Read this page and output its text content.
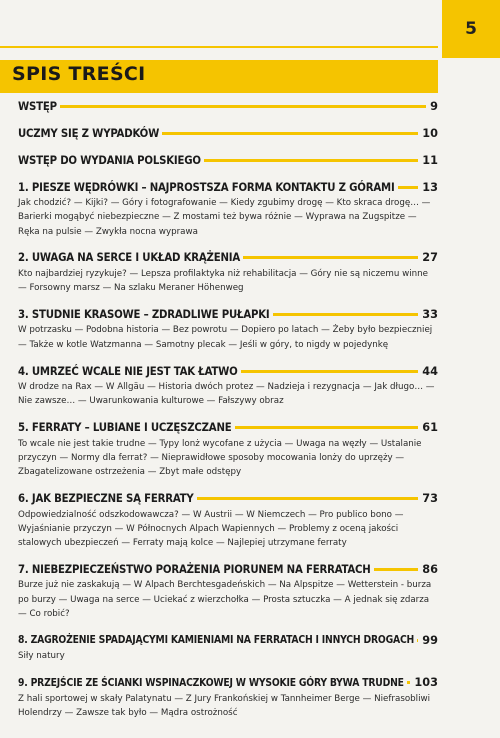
5
SPIS TREŚCI
WSTĘP	9
UCZMY SIĘ Z WYPADKÓW	10
WSTĘP DO WYDANIA POLSKIEGO	11
1. PIESZE WĘDRÓWKI – NAJPROSTSZA FORMA KONTAKTU Z GÓRAMI 13
Jak chodzić? — Kijki? — Góry i fotografowanie — Kiedy zgubimy drogę — Kto skraca drogę… — Barierki mogąbyć niebezpieczne — Z mostami też bywa różnie — Wyprawa na Zugspitze — Ręka na pulsie — Zwykła nocna wyprawa
2. UWAGA NA SERCE I UKŁAD KRĄŻENIA	27
Kto najbardziej ryzykuje? — Lepsza profilaktyka niż rehabilitacja — Góry nie są niczemu winne — Forsowny marsz — Na szlaku Meraner Höhenweg
3. STUDNIE KRASOWE – ZDRADLIWE PUŁAPKI	33
W potrzasku — Podobna historia — Bez powrotu — Dopiero po latach — Żeby było bezpieczniej — Także w kotle Watzmanna — Samotny plecak — Jeśli w góry, to nigdy w pojedynkę
4. UMRZEĆ WCALE NIE JEST TAK ŁATWO	44
W drodze na Rax — W Allgäu — Historia dwóch protez — Nadzieja i rezygnacja — Jak długo… — Nie zawsze… — Uwarunkowania kulturowe — Fałszywy obraz
5. FERRATY – LUBIANE I UCZĘSZCZANE	61
To wcale nie jest takie trudne — Typy lonż wycofane z użycia — Uwaga na węzły — Ustalanie przyczyn — Normy dla ferrat? — Nieprawidłowe sposoby mocowania lonży do uprzęży — Zbagatelizowane ostrzeżenia — Zbyt małe odstępy
6. JAK BEZPIECZNE SĄ FERRATY	73
Odpowiedzialność odszkodowawcza? — W Austrii — W Niemczech — Pro publico bono — Wyjaśnianie przyczyn — W Północnych Alpach Wapiennych — Problemy z oceną jakości stalowych ubezpieczeń — Ferraty mają kolce — Najlepiej utrzymane ferraty
7. NIEBEZPIECZEŃSTWO PORAŻENIA PIORUNEM NA FERRATACH	86
Burze już nie zaskakują — W Alpach Berchtesgadeńskich — Na Alpspitze — Wetterstein - burza po burzy — Uwaga na serce — Uciekać z wierzchołka — Prosta sztuczka — A jednak się zdarza — Co robić?
8. ZAGROŻENIE SPADAJĄCYMI KAMIENIAMI NA FERRATACH I INNYCH DROGACH 99
Siły natury
9. PRZEJŚCIE ZE ŚCIANKI WSPINACZKOWEJ W WYSOKIE GÓRY BYWA TRUDNE 103
Z hali sportowej w skały Palatynatu — Z Jury Frankońskiej w Tannheimer Berge — Niefrasobliwi Holendrzy — Zawsze tak było — Mądra ostrożność
